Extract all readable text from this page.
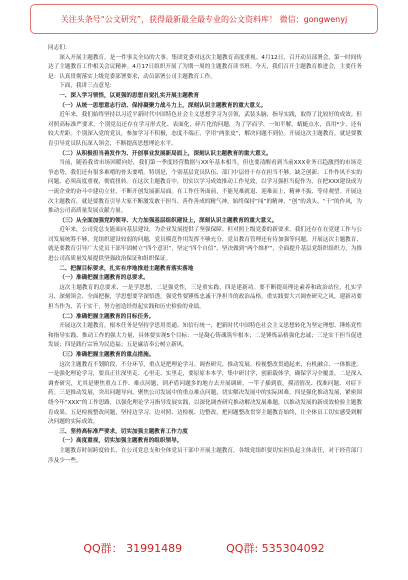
关注头条号“公文研究”，获得最新最全最专业的公文资料库！ 微信：gongwenyj

同志们：

深入开展主题教育，是一件事关全局的大事。集团党委对这次主题教育高度重视。4月12日，召开动员部署会，第一时间传达了主题教育工作相关会议精神。4月17日组织开展了为期一周的主题教育读书班。今天，我们召开主题教育推进会，主要任务是：认真贯彻落实上级党委部署要求，动员部署公司主题教育工作。

下面，我讲三点意见：

一、深入学习领悟，以更强的思想自觉扎实开展主题教育

（一）从统一思想意志行动、保持凝聚力战斗力上，深刻认识主题教育的重大意义。

近年来，我们始终坚持以习近平新时代中国特色社会主义思想学习为引领，武装头脑，指导实践，取得了比较好的成效。但对照高标准严要求，个别党员还存在学习形式化、表面化，碎片化的问题，为了学而学，一知半解，蜻蜓点水，真用*少，还有较大差距。个别深入党的党员，参加学习不积极，态度不端正，学用“两张皮”，解决问题不到位。开展这次主题教育，就是要教育引导党员队伍深入领会，不断提高思想理论水平。

（二）从积极担当善发作为、开创事业发展新局面上，深刻认识主题教育的重大意义。

当前，随着我省市场回暖向好，我们第一季度经营数据与XX年基本相当，但也要清醒看到当前XXX业务日趋激烈的市场竞争态势，我们还有很多难啃的骨头要啃。特别是，个别基层党员队伍、部门中层骨干存在担当不够、缺乏创新、工作作风不实的问题，必须高度重视，彻底扭转。在这次主题教育中，切实以学习成效推动工作见效，以学习强担当促作为，在把XXX建设成为一流企业的奋斗中建功立业，不断开创发展新局面。在工作任务面前，不能见难就退、迎难而上，精神不振、等待观望。开展这次主题教育，就是要教育引导大家不断激发敢于担当、善作善成的精气神，始终保持“闯”的精神、“创”的劲头、“干”的作风，为推动公司高质量发展贡献力量。

（三）从全面加强党的领导、大力加强基层组织建设上，深刻认识主题教育的重大意义。

近年来，公司党总支能面向基层建设，为企业发展提供了坚强保障。但对照上级党委的新要求，我们还存在在党建工作与公司发展统筹不够，党组织建设较弱的问题，党员模范作用发挥不够充分，党员教育管理还有待加强等问题。开展这次主题教育，就是要教育引导广大党员干部牢固树立“四个意识”，坚定“四个自信”，坚决做到“两个维护”，全面提升基层党组织组织力，为推进公司高质量发展提供坚强政治保证和组织保证。

二、把握目标要求，扎实有序地推进主题教育落实落地

（一）准确把握主题教育的总要求。

这次主题教育的总要求，一是学思想，二是强党性，三是重实践，四是建新功。要不断提高理论素养和政治站位，扎实学习、深刻领会、全面把握，学思想要学深悟透，强党性要锤炼忠诚干净担当的政治品格，重实践要大兴调查研究之风，建新功要担当作为、苦干实干，努力创造经得起实践和历史检验的业绩。

（二）准确把握主题教育的目标任务。

开展这次主题教育，根本任务是坚持学思用贯通、知信行统一，把新时代中国特色社会主义思想转化为坚定理想、锤炼党性和指导实践、推动工作的强大力量，具体要实现5个目标：一是凝心铸魂筑牢根本；二是锤炼品格强化忠诚；三是实干担当促进发展；四是践行宗旨为民造福；五是廉洁奉公树立新风。

（三）准确把握主题教育的重点措施。

这次主题教育不划阶段、不分环节，重点是把理论学习、调查研究、推动发展、检视整改贯通起来，有机融合、一体推进。一是强化理论学习，要真正往深里走、心里走、实里走，要原原本本学，集中研讨学，创新载体学，确保学习全覆盖。二是深入调查研究，尤其是聚焦重点工作、难点问题，到矛盾问题多的地方去开展调研，一竿子插到底，摸清情况、找准问题、对症下药。三是推动发展，突出问题导向、聚焦公司发展中的重点难点问题，切实解决发展中的实际困难。四是强化推动发展，紧密围绕今年“XXX”的工作思路，以强化理论学习指导发展实践，以深化调查研究推动解决发展难题，以推动发展的新成效检验主题教育成果。五是检视整改问题，坚持边学习、边对照、边检视、边整改，把问题整改贯穿主题教育始终，让全体员工切实感受到解决问题的实际成效。

三、坚持高标准严要求，切实加强主题教育工作力度

（一）高度重视，切实加强主题教育的组织领导。

主题教育时间跨度较长，在公司党总支和全体党员干部中开展主题教育，各级党组织要切实担负起主体责任，对于经营部门涉及少一些，

QQ群： 31991489	QQ群: 535304092
